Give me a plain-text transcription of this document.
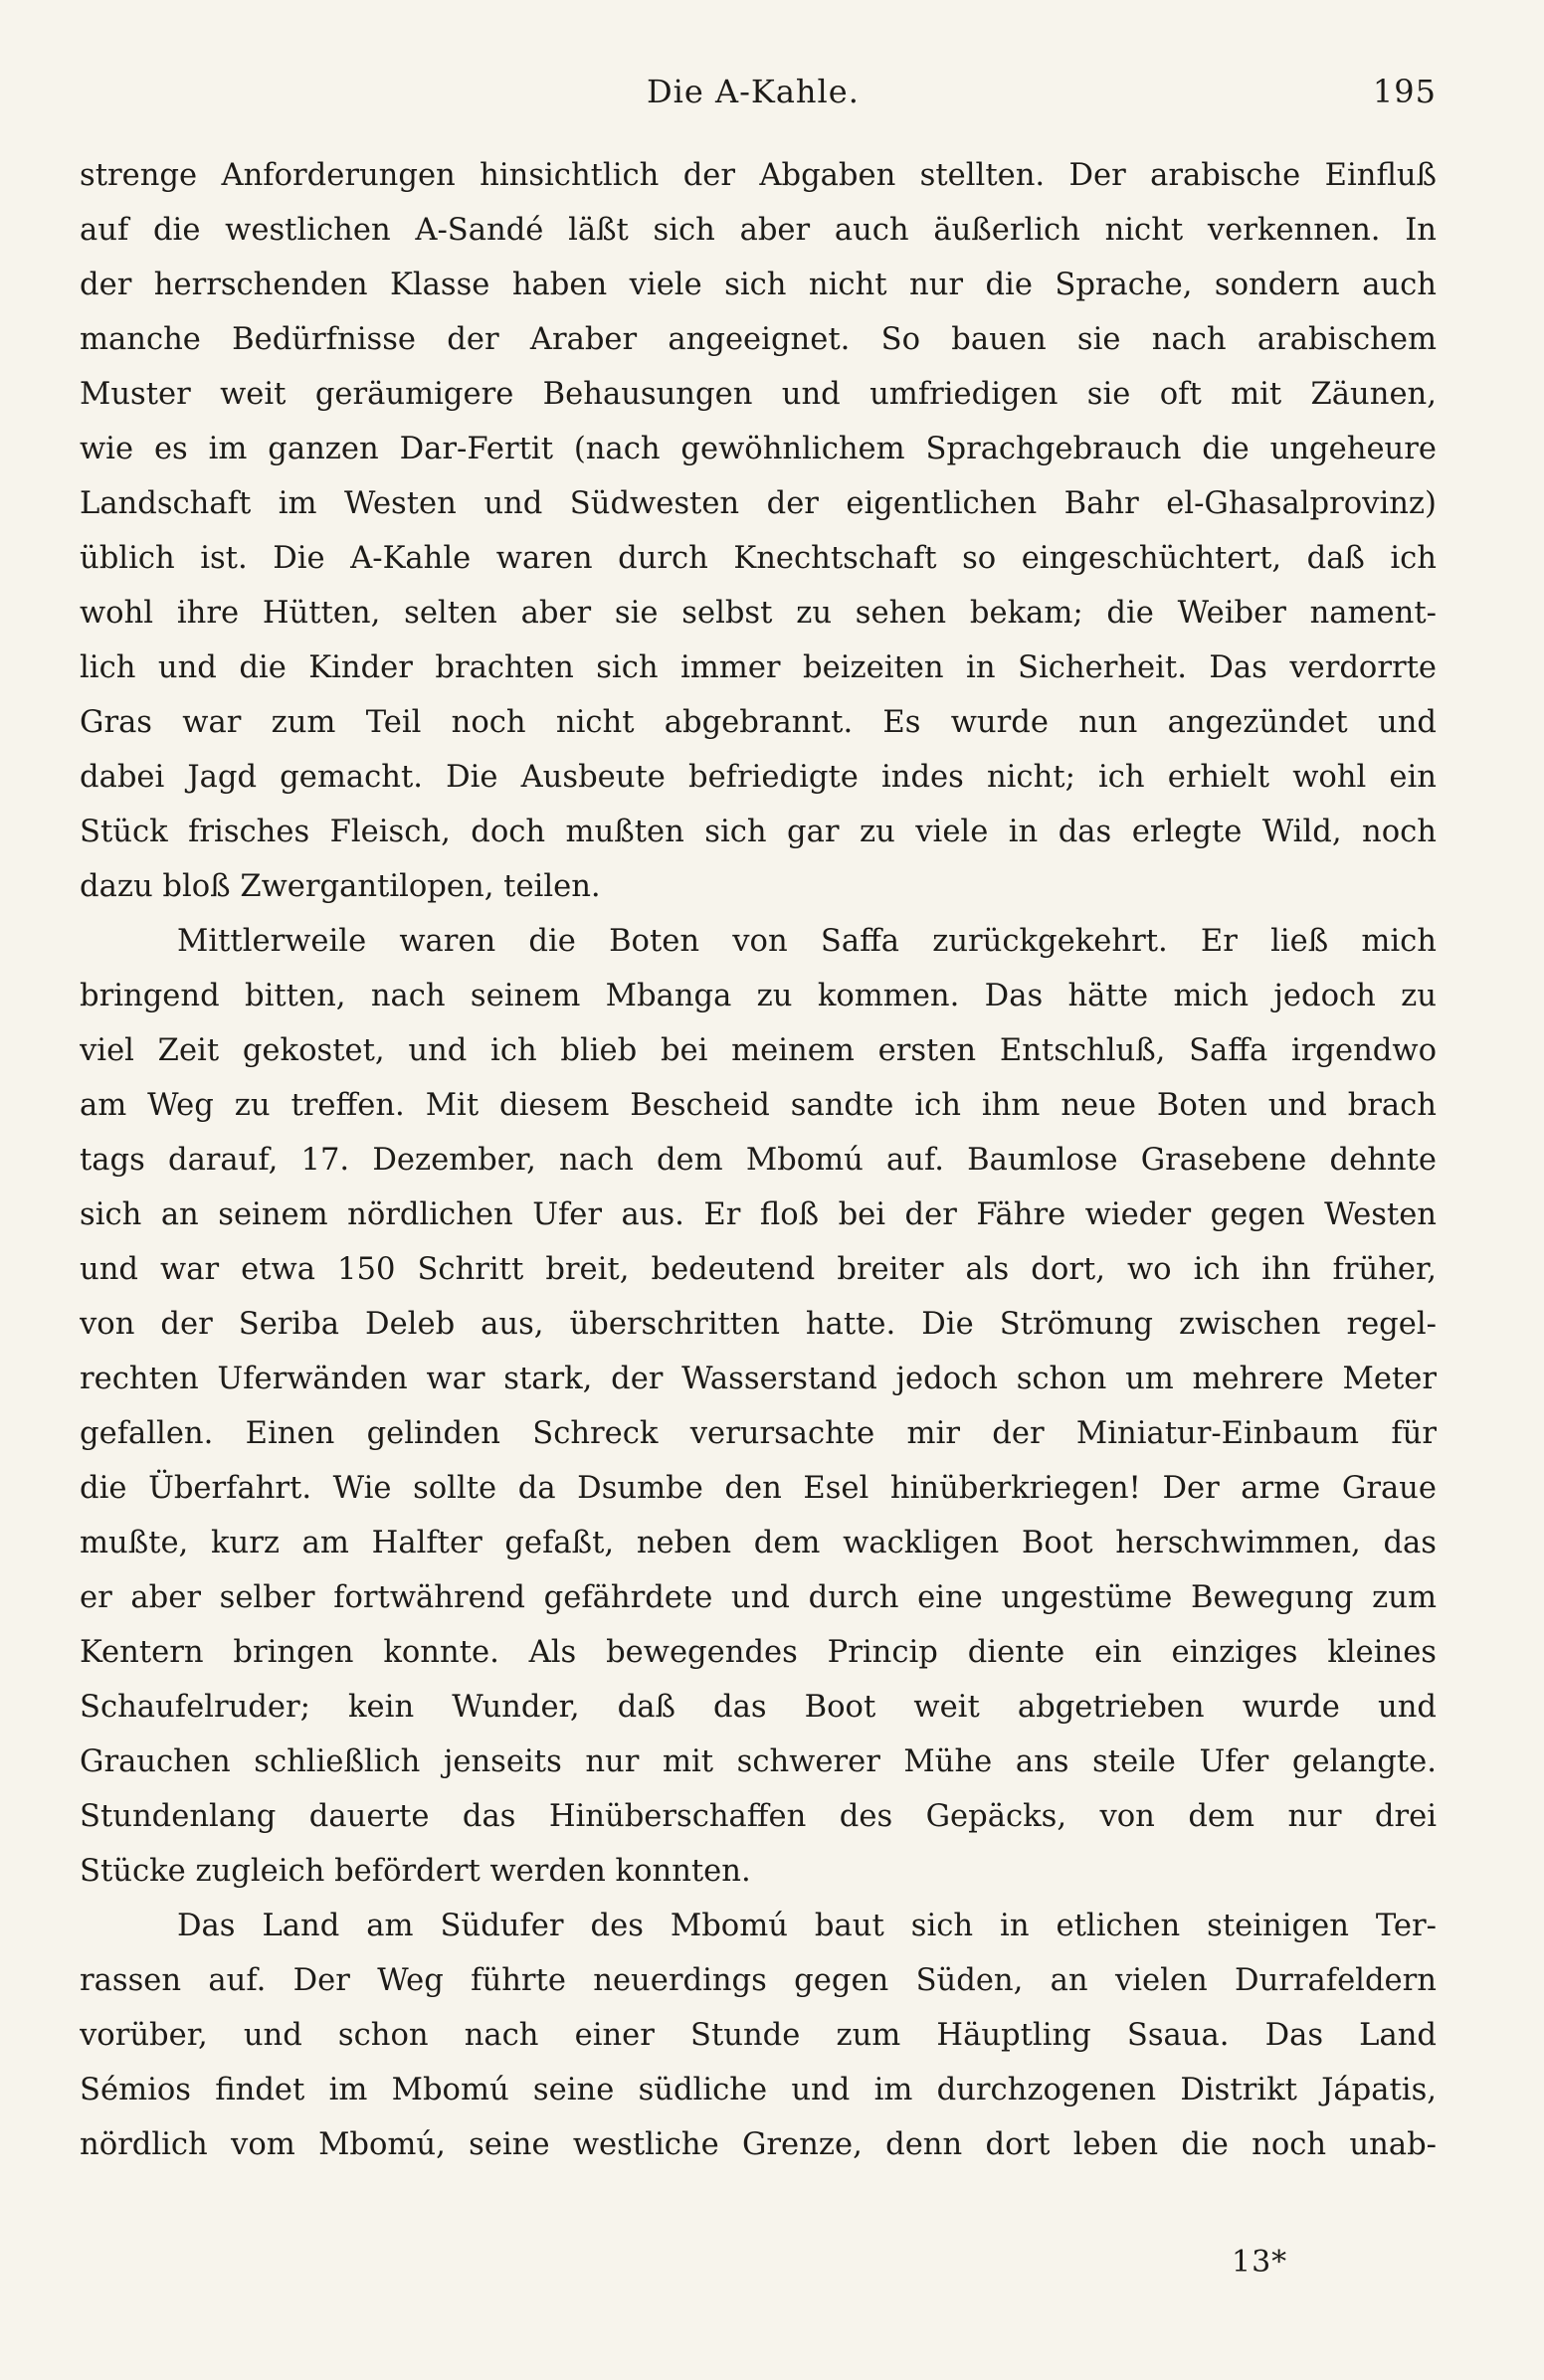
Die A-Kahle.	195
strenge Anforderungen hinsichtlich der Abgaben stellten. Der arabische Einfluß
auf die westlichen A-Sandé läßt sich aber auch äußerlich nicht verkennen. In
der herrschenden Klasse haben viele sich nicht nur die Sprache, sondern auch
manche Bedürfnisse der Araber angeeignet. So bauen sie nach arabischem
Muster weit geräumigere Behausungen und umfriedigen sie oft mit Zäunen,
wie es im ganzen Dar-Fertit (nach gewöhnlichem Sprachgebrauch die ungeheure
Landschaft im Westen und Südwesten der eigentlichen Bahr el-Ghasalprovinz)
üblich ist. Die A-Kahle waren durch Knechtschaft so eingeschüchtert, daß ich
wohl ihre Hütten, selten aber sie selbst zu sehen bekam; die Weiber nament-
lich und die Kinder brachten sich immer beizeiten in Sicherheit. Das verdorrte
Gras war zum Teil noch nicht abgebrannt. Es wurde nun angezündet und
dabei Jagd gemacht. Die Ausbeute befriedigte indes nicht; ich erhielt wohl ein
Stück frisches Fleisch, doch mußten sich gar zu viele in das erlegte Wild, noch
dazu bloß Zwergantilopen, teilen.
Mittlerweile waren die Boten von Saffa zurückgekehrt. Er ließ mich
bringend bitten, nach seinem Mbanga zu kommen. Das hätte mich jedoch zu
viel Zeit gekostet, und ich blieb bei meinem ersten Entschluß, Saffa irgendwo
am Weg zu treffen. Mit diesem Bescheid sandte ich ihm neue Boten und brach
tags darauf, 17. Dezember, nach dem Mbomú auf. Baumlose Grasebene dehnte
sich an seinem nördlichen Ufer aus. Er floß bei der Fähre wieder gegen Westen
und war etwa 150 Schritt breit, bedeutend breiter als dort, wo ich ihn früher,
von der Seriba Deleb aus, überschritten hatte. Die Strömung zwischen regel-
rechten Uferwänden war stark, der Wasserstand jedoch schon um mehrere Meter
gefallen. Einen gelinden Schreck verursachte mir der Miniatur-Einbaum für
die Überfahrt. Wie sollte da Dsumbe den Esel hinüberkriegen! Der arme Graue
mußte, kurz am Halfter gefaßt, neben dem wackligen Boot herschwimmen, das
er aber selber fortwährend gefährdete und durch eine ungestüme Bewegung zum
Kentern bringen konnte. Als bewegendes Princip diente ein einziges kleines
Schaufelruder; kein Wunder, daß das Boot weit abgetrieben wurde und
Grauchen schließlich jenseits nur mit schwerer Mühe ans steile Ufer gelangte.
Stundenlang dauerte das Hinüberschaffen des Gepäcks, von dem nur drei
Stücke zugleich befördert werden konnten.
Das Land am Südufer des Mbomú baut sich in etlichen steinigen Ter-
rassen auf. Der Weg führte neuerdings gegen Süden, an vielen Durrafeldern
vorüber, und schon nach einer Stunde zum Häuptling Ssaua. Das Land
Sémios findet im Mbomú seine südliche und im durchzogenen Distrikt Jápatis,
nördlich vom Mbomú, seine westliche Grenze, denn dort leben die noch unab-
13*
